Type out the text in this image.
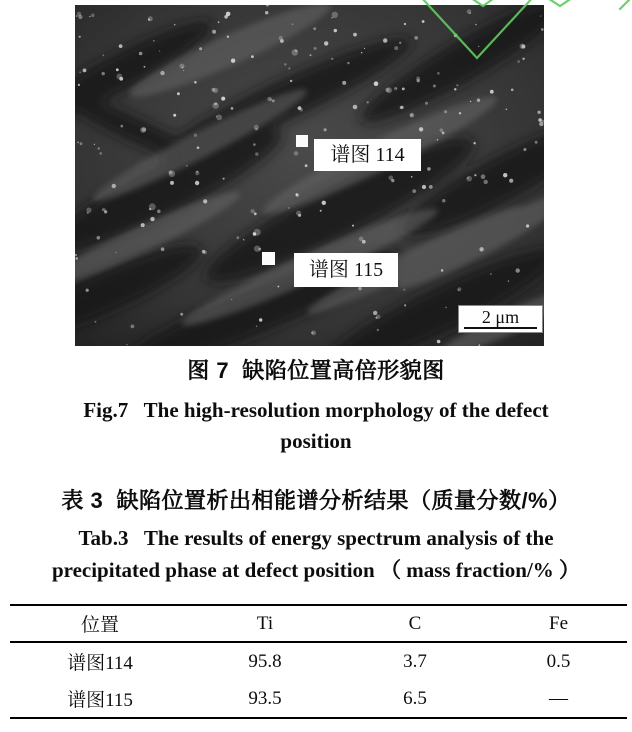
谱图 114
谱图 115
2 μm
图 7  缺陷位置高倍形貌图
Fig.7   The high-resolution morphology of the defect
position
表 3  缺陷位置析出相能谱分析结果（质量分数/%）
Tab.3   The results of energy spectrum analysis of the
precipitated phase at defect position （ mass fraction/% ）
位置	Ti	C	Fe
谱图114	95.8	3.7	0.5
谱图115	93.5	6.5	—
